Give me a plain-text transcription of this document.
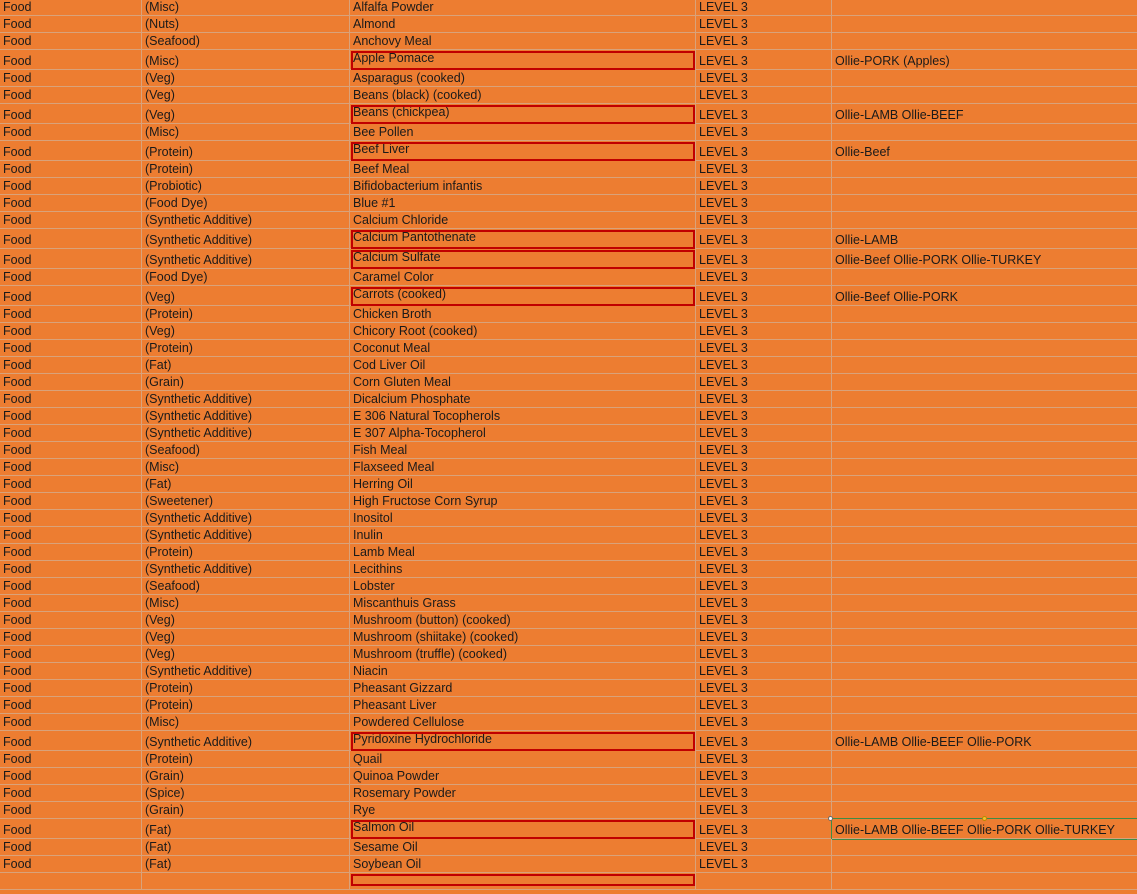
Food	(Misc)	Alfalfa Powder	LEVEL 3
Food	(Nuts)	Almond	LEVEL 3
Food	(Seafood)	Anchovy Meal	LEVEL 3
Food	(Misc)	Apple Pomace	LEVEL 3	Ollie-PORK (Apples)
Food	(Veg)	Asparagus (cooked)	LEVEL 3
Food	(Veg)	Beans (black) (cooked)	LEVEL 3
Food	(Veg)	Beans (chickpea)	LEVEL 3	Ollie-LAMB Ollie-BEEF
Food	(Misc)	Bee Pollen	LEVEL 3
Food	(Protein)	Beef Liver	LEVEL 3	Ollie-Beef
Food	(Protein)	Beef Meal	LEVEL 3
Food	(Probiotic)	Bifidobacterium infantis	LEVEL 3
Food	(Food Dye)	Blue #1	LEVEL 3
Food	(Synthetic Additive)	Calcium Chloride	LEVEL 3
Food	(Synthetic Additive)	Calcium Pantothenate	LEVEL 3	Ollie-LAMB
Food	(Synthetic Additive)	Calcium Sulfate	LEVEL 3	Ollie-Beef Ollie-PORK Ollie-TURKEY
Food	(Food Dye)	Caramel Color	LEVEL 3
Food	(Veg)	Carrots (cooked)	LEVEL 3	Ollie-Beef Ollie-PORK
Food	(Protein)	Chicken Broth	LEVEL 3
Food	(Veg)	Chicory Root (cooked)	LEVEL 3
Food	(Protein)	Coconut Meal	LEVEL 3
Food	(Fat)	Cod Liver Oil	LEVEL 3
Food	(Grain)	Corn Gluten Meal	LEVEL 3
Food	(Synthetic Additive)	Dicalcium Phosphate	LEVEL 3
Food	(Synthetic Additive)	E 306 Natural Tocopherols	LEVEL 3
Food	(Synthetic Additive)	E 307 Alpha-Tocopherol	LEVEL 3
Food	(Seafood)	Fish Meal	LEVEL 3
Food	(Misc)	Flaxseed Meal	LEVEL 3
Food	(Fat)	Herring Oil	LEVEL 3
Food	(Sweetener)	High Fructose Corn Syrup	LEVEL 3
Food	(Synthetic Additive)	Inositol	LEVEL 3
Food	(Synthetic Additive)	Inulin	LEVEL 3
Food	(Protein)	Lamb Meal	LEVEL 3
Food	(Synthetic Additive)	Lecithins	LEVEL 3
Food	(Seafood)	Lobster	LEVEL 3
Food	(Misc)	Miscanthuis Grass	LEVEL 3
Food	(Veg)	Mushroom (button) (cooked)	LEVEL 3
Food	(Veg)	Mushroom (shiitake) (cooked)	LEVEL 3
Food	(Veg)	Mushroom (truffle) (cooked)	LEVEL 3
Food	(Synthetic Additive)	Niacin	LEVEL 3
Food	(Protein)	Pheasant Gizzard	LEVEL 3
Food	(Protein)	Pheasant Liver	LEVEL 3
Food	(Misc)	Powdered Cellulose	LEVEL 3
Food	(Synthetic Additive)	Pyridoxine Hydrochloride	LEVEL 3	Ollie-LAMB Ollie-BEEF Ollie-PORK
Food	(Protein)	Quail	LEVEL 3
Food	(Grain)	Quinoa Powder	LEVEL 3
Food	(Spice)	Rosemary Powder	LEVEL 3
Food	(Grain)	Rye	LEVEL 3
Food	(Fat)	Salmon Oil	LEVEL 3	Ollie-LAMB Ollie-BEEF Ollie-PORK Ollie-TURKEY
Food	(Fat)	Sesame Oil	LEVEL 3
Food	(Fat)	Soybean Oil	LEVEL 3
